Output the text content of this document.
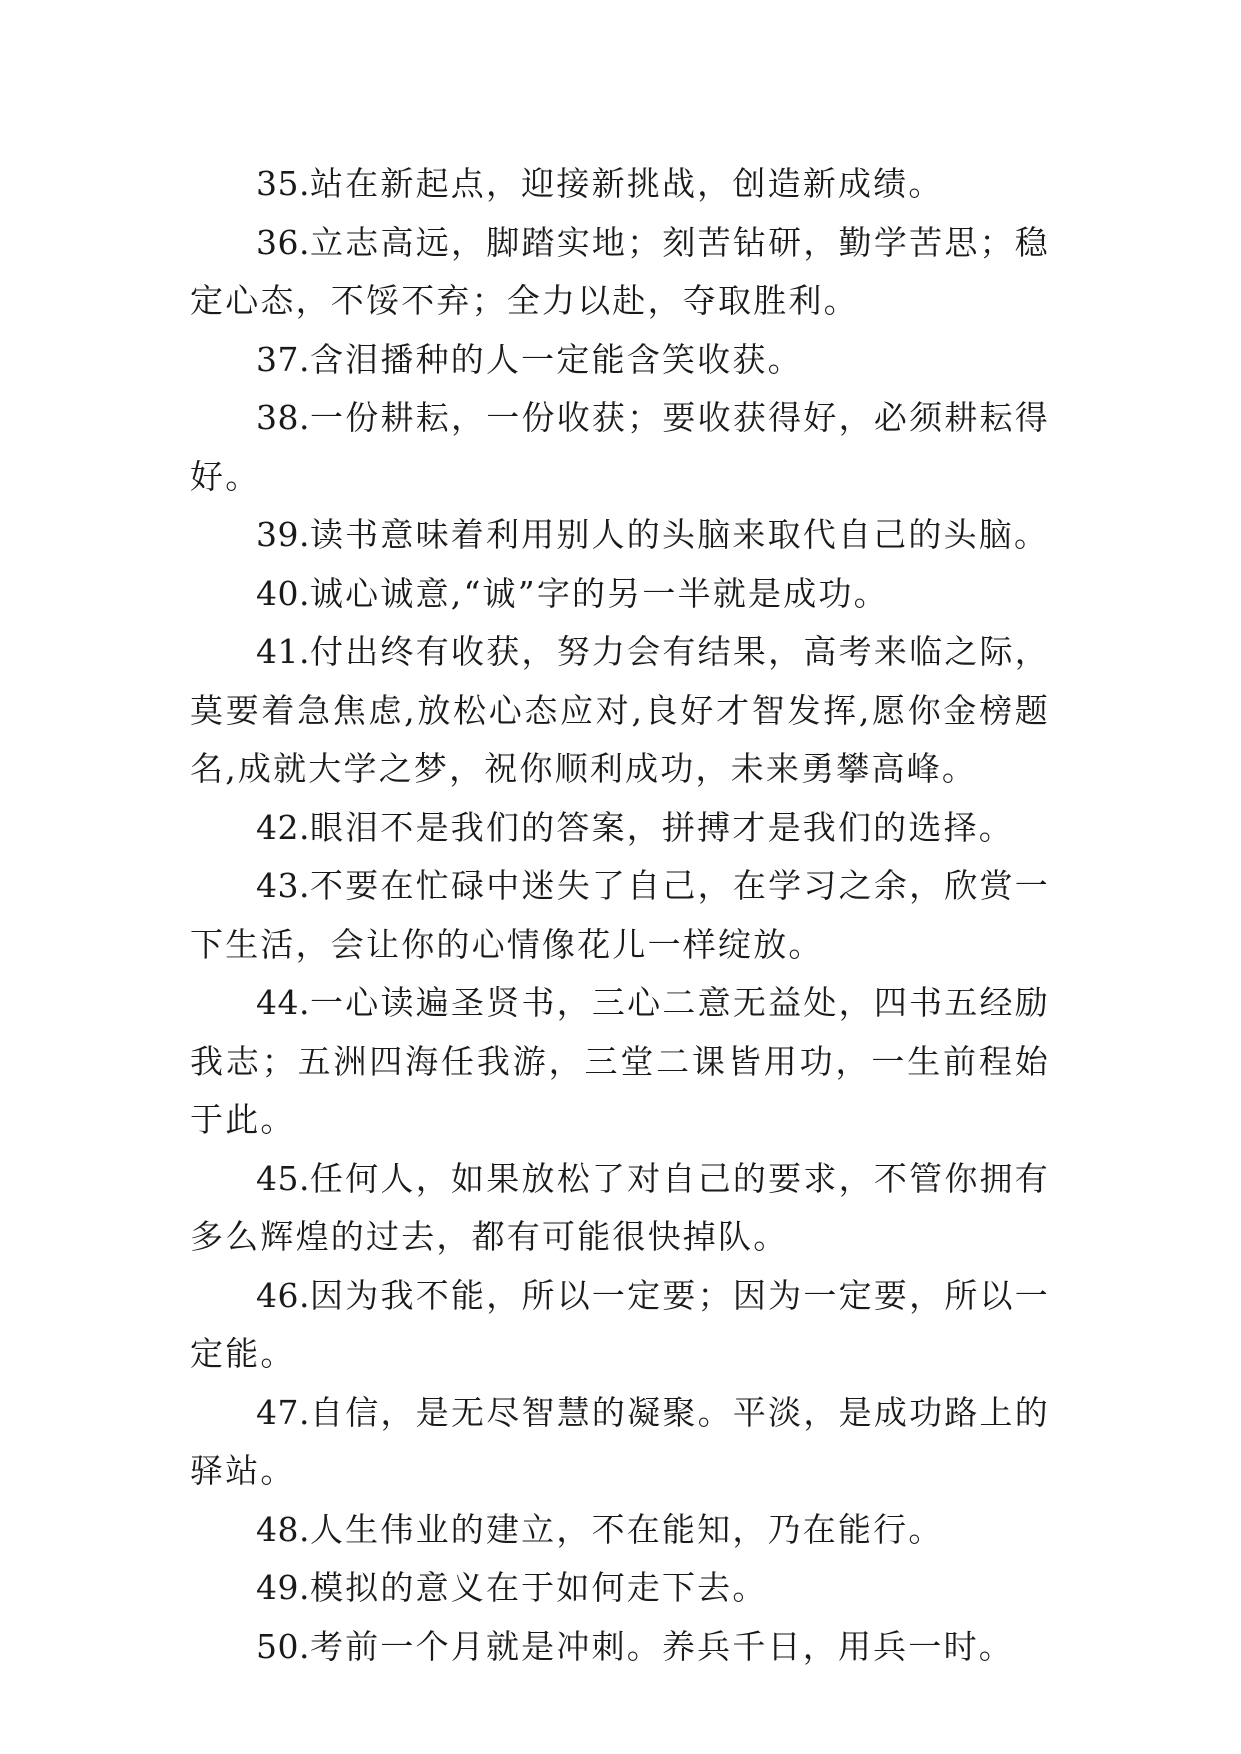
35.站在新起点，迎接新挑战，创造新成绩。

36.立志高远，脚踏实地；刻苦钻研，勤学苦思；稳定心态，不馁不弃；全力以赴，夺取胜利。

37.含泪播种的人一定能含笑收获。

38.一份耕耘，一份收获；要收获得好，必须耕耘得好。

39.读书意味着利用别人的头脑来取代自己的头脑。

40.诚心诚意,“诚”字的另一半就是成功。

41.付出终有收获，努力会有结果，高考来临之际，莫要着急焦虑,放松心态应对,良好才智发挥,愿你金榜题名,成就大学之梦，祝你顺利成功，未来勇攀高峰。

42.眼泪不是我们的答案，拼搏才是我们的选择。

43.不要在忙碌中迷失了自己，在学习之余，欣赏一下生活，会让你的心情像花儿一样绽放。

44.一心读遍圣贤书，三心二意无益处，四书五经励我志；五洲四海任我游，三堂二课皆用功，一生前程始于此。

45.任何人，如果放松了对自己的要求，不管你拥有多么辉煌的过去，都有可能很快掉队。

46.因为我不能，所以一定要；因为一定要，所以一定能。

47.自信，是无尽智慧的凝聚。平淡，是成功路上的驿站。

48.人生伟业的建立，不在能知，乃在能行。

49.模拟的意义在于如何走下去。

50.考前一个月就是冲刺。养兵千日，用兵一时。
